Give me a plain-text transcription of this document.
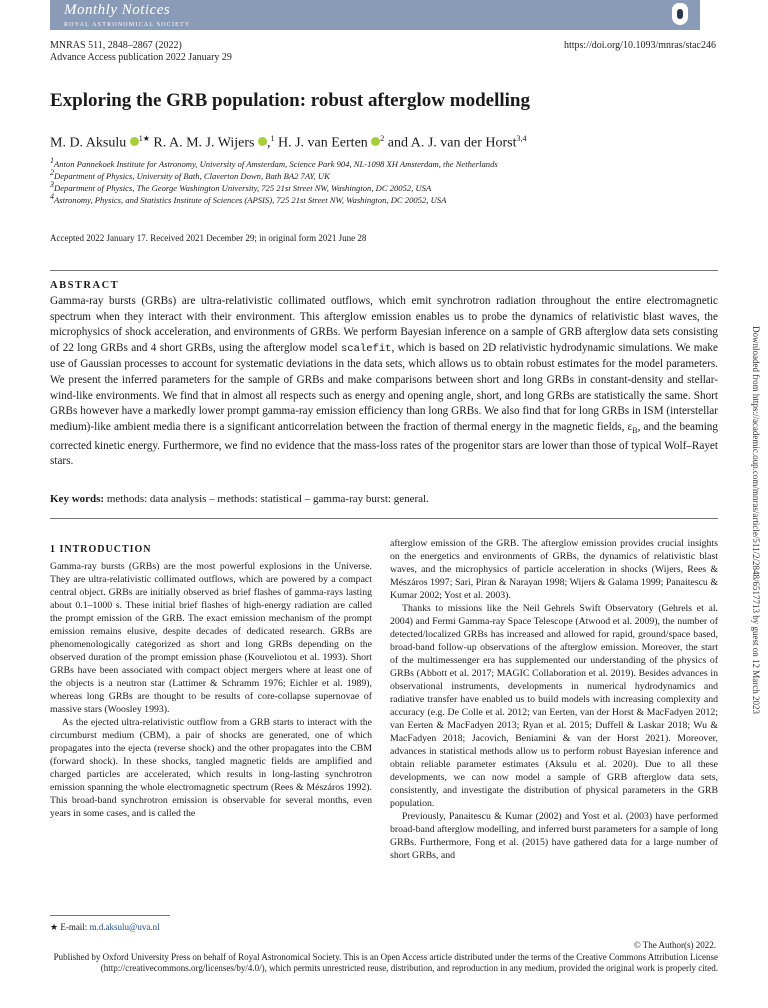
Monthly Notices
ROYAL ASTRONOMICAL SOCIETY
MNRAS 511, 2848–2867 (2022)
Advance Access publication 2022 January 29
https://doi.org/10.1093/mnras/stac246
Exploring the GRB population: robust afterglow modelling
M. D. Aksulu $^{1★}$ R. A. M. J. Wijers ,$^1$ H. J. van Eerten $^2$ and A. J. van der Horst$^{3,4}$
$^1$Anton Pannekoek Institute for Astronomy, University of Amsterdam, Science Park 904, NL-1098 XH Amsterdam, the Netherlands
$^2$Department of Physics, University of Bath, Claverton Down, Bath BA2 7AY, UK
$^3$Department of Physics, The George Washington University, 725 21st Street NW, Washington, DC 20052, USA
$^4$Astronomy, Physics, and Statistics Institute of Sciences (APSIS), 725 21st Street NW, Washington, DC 20052, USA
Accepted 2022 January 17. Received 2021 December 29; in original form 2021 June 28
ABSTRACT
Gamma-ray bursts (GRBs) are ultra-relativistic collimated outflows, which emit synchrotron radiation throughout the entire electromagnetic spectrum when they interact with their environment. This afterglow emission enables us to probe the dynamics of relativistic blast waves, the microphysics of shock acceleration, and environments of GRBs. We perform Bayesian inference on a sample of GRB afterglow data sets consisting of 22 long GRBs and 4 short GRBs, using the afterglow model scalefit, which is based on 2D relativistic hydrodynamic simulations. We make use of Gaussian processes to account for systematic deviations in the data sets, which allows us to obtain robust estimates for the model parameters. We present the inferred parameters for the sample of GRBs and make comparisons between short and long GRBs in constant-density and stellar-wind-like environments. We find that in almost all respects such as energy and opening angle, short, and long GRBs are statistically the same. Short GRBs however have a markedly lower prompt gamma-ray emission efficiency than long GRBs. We also find that for long GRBs in ISM (interstellar medium)-like ambient media there is a significant anticorrelation between the fraction of thermal energy in the magnetic fields, $\varepsilon_B$, and the beaming corrected kinetic energy. Furthermore, we find no evidence that the mass-loss rates of the progenitor stars are lower than those of typical Wolf–Rayet stars.
Key words: methods: data analysis – methods: statistical – gamma-ray burst: general.
1 INTRODUCTION

Gamma-ray bursts (GRBs) are the most powerful explosions in the Universe. They are ultra-relativistic collimated outflows, which are powered by a compact central object. GRBs are initially observed as brief flashes of gamma-rays lasting about 0.1–1000 s. These initial brief flashes of high-energy radiation are called the prompt emission of the GRB. The exact emission mechanism of the prompt emission remains elusive, despite decades of dedicated research. GRBs are phenomenologically categorized as short and long GRBs depending on the observed duration of the prompt emission phase (Kouveliotou et al. 1993). Short GRBs have been associated with compact object mergers where at least one of the objects is a neutron star (Lattimer & Schramm 1976; Eichler et al. 1989), whereas long GRBs are thought to be results of core-collapse supernovae of massive stars (Woosley 1993).

As the ejected ultra-relativistic outflow from a GRB starts to interact with the circumburst medium (CBM), a pair of shocks are generated, one of which propagates into the ejecta (reverse shock) and the other propagates into the CBM (forward shock). In these shocks, tangled magnetic fields are amplified and charged particles are accelerated, which results in long-lasting synchrotron emission spanning the whole electromagnetic spectrum (Rees & Mészáros 1992). This broad-band synchrotron emission is observable for several months, even years in some cases, and is called the

afterglow emission of the GRB. The afterglow emission provides crucial insights on the energetics and environments of GRBs, the dynamics of relativistic blast waves, and the microphysics of particle acceleration in shocks (Wijers, Rees & Mészáros 1997; Sari, Piran & Narayan 1998; Wijers & Galama 1999; Panaitescu & Kumar 2002; Yost et al. 2003).

Thanks to missions like the Neil Gehrels Swift Observatory (Gehrels et al. 2004) and Fermi Gamma-ray Space Telescope (Atwood et al. 2009), the number of detected/localized GRBs has increased and allowed for rapid, ground/space based, broad-band follow-up observations of the afterglow emission. Moreover, the start of the multimessenger era has supplemented our understanding of the physics of GRBs (Abbott et al. 2017; MAGIC Collaboration et al. 2019). Besides advances in observational instruments, developments in numerical hydrodynamics and radiative transfer have enabled us to build models with increasing complexity and accuracy (e.g. De Colle et al. 2012; van Eerten, van der Horst & MacFadyen 2012; van Eerten & MacFadyen 2013; Ryan et al. 2015; Duffell & Laskar 2018; Wu & MacFadyen 2018; Jacovich, Beniamini & van der Horst 2021). Moreover, advances in statistical methods allow us to perform robust Bayesian inference and obtain reliable parameter estimates (Aksulu et al. 2020). Due to all these developments, we can now model a sample of GRB afterglow data sets, consistently, and investigate the distribution of physical parameters in the GRB population.

Previously, Panaitescu & Kumar (2002) and Yost et al. (2003) have performed broad-band afterglow modelling, and inferred burst parameters for a sample of long GRBs. Furthermore, Fong et al. (2015) have gathered data for a large number of short GRBs, and

★ E-mail: m.d.aksulu@uva.nl
© The Author(s) 2022.
Published by Oxford University Press on behalf of Royal Astronomical Society. This is an Open Access article distributed under the terms of the Creative Commons Attribution License (http://creativecommons.org/licenses/by/4.0/), which permits unrestricted reuse, distribution, and reproduction in any medium, provided the original work is properly cited.
Downloaded from https://academic.oup.com/mnras/article/511/2/2848/6517713 by guest on 12 March 2023
